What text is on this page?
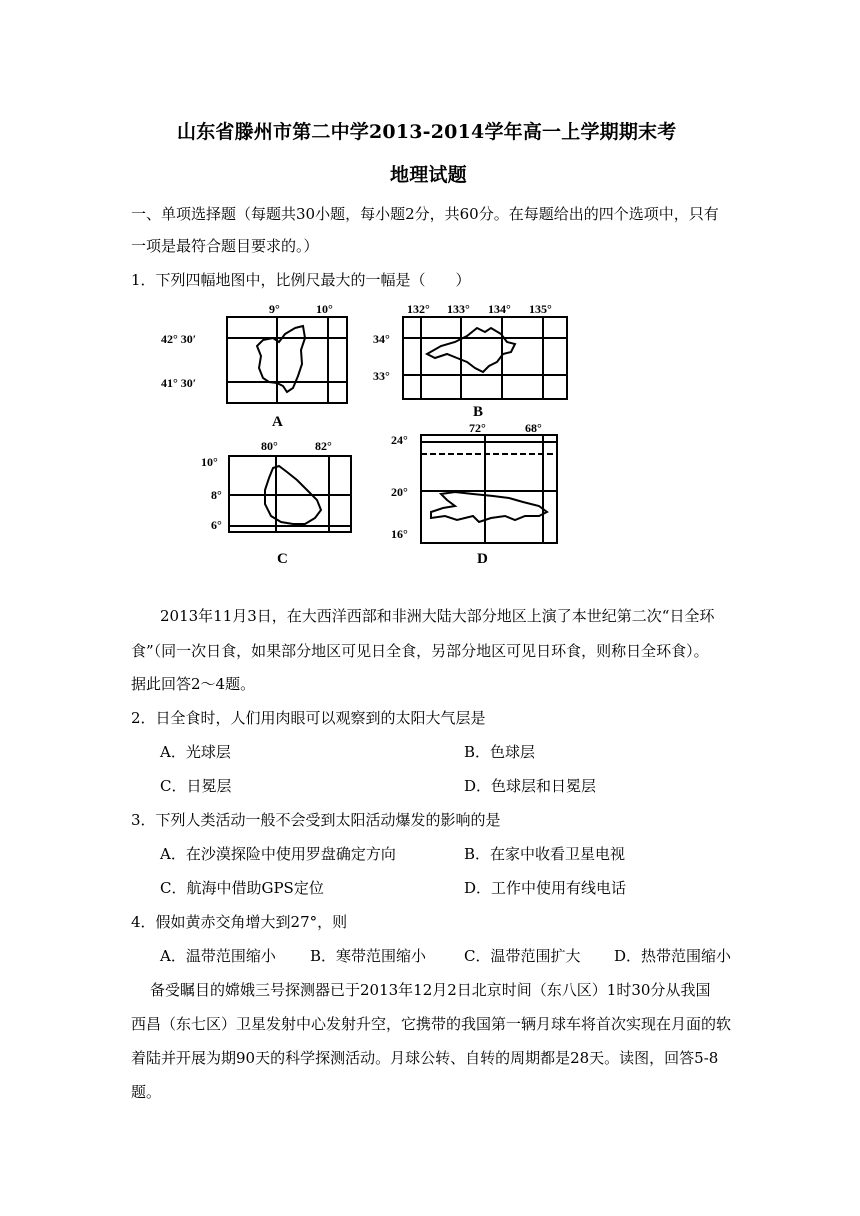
山东省滕州市第二中学2013-2014学年高一上学期期末考
地理试题
一、单项选择题（每题共30小题，每小题2分，共60分。在每题给出的四个选项中，只有
一项是最符合题目要求的。）
1．下列四幅地图中，比例尺最大的一幅是（　　）
9°	10°
42° 30′
41° 30′
A
132° 133° 134° 135°
34°
33°
B
80°	82°
10°
8°
6°
C
72°	68°
24°
20°
16°
D
2013年11月3日，在大西洋西部和非洲大陆大部分地区上演了本世纪第二次“日全环
食”（同一次日食，如果部分地区可见日全食，另部分地区可见日环食，则称日全环食）。
据此回答2～4题。
2．日全食时，人们用肉眼可以观察到的太阳大气层是
A．光球层	B．色球层
C．日冕层	D．色球层和日冕层
3．下列人类活动一般不会受到太阳活动爆发的影响的是
A．在沙漠探险中使用罗盘确定方向	B．在家中收看卫星电视
C．航海中借助GPS定位	D．工作中使用有线电话
4．假如黄赤交角增大到27°，则
A．温带范围缩小 B．寒带范围缩小	C．温带范围扩大 D．热带范围缩小
备受瞩目的嫦娥三号探测器已于2013年12月2日北京时间（东八区）1时30分从我国
西昌（东七区）卫星发射中心发射升空，它携带的我国第一辆月球车将首次实现在月面的软
着陆并开展为期90天的科学探测活动。月球公转、自转的周期都是28天。读图，回答5-8
题。
